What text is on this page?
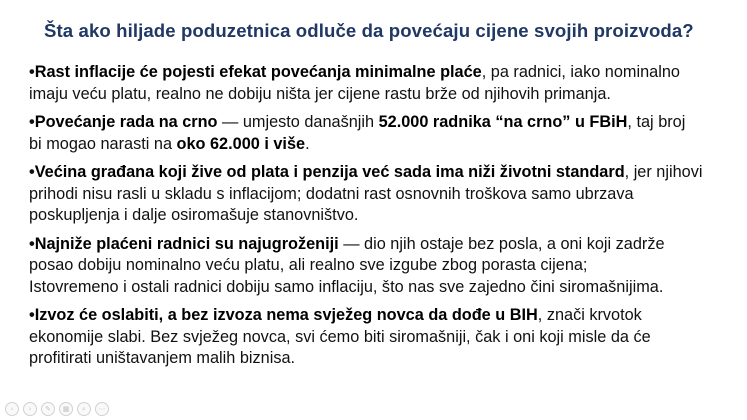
Šta ako hiljade poduzetnica odluče da povećaju cijene svojih proizvoda?
•Rast inflacije će pojesti efekat povećanja minimalne plaće, pa radnici, iako nominalno
imaju veću platu, realno ne dobiju ništa jer cijene rastu brže od njihovih primanja.
•Povećanje rada na crno — umjesto današnjih 52.000 radnika “na crno” u FBiH, taj broj
bi mogao narasti na oko 62.000 i više.
•Većina građana koji žive od plata i penzija već sada ima niži životni standard, jer njihovi
prihodi nisu rasli u skladu s inflacijom; dodatni rast osnovnih troškova samo ubrzava
poskupljenja i dalje osiromašuje stanovništvo.
•Najniže plaćeni radnici su najugroženiji — dio njih ostaje bez posla, a oni koji zadrže
posao dobiju nominalno veću platu, ali realno sve izgube zbog porasta cijena;
Istovremeno i ostali radnici dobiju samo inflaciju, što nas sve zajedno čini siromašnijima.
•Izvoz će oslabiti, a bez izvoza nema svježeg novca da dođe u BIH, znači krvotok
ekonomije slabi. Bez svježeg novca, svi ćemo biti siromašniji, čak i oni koji misle da će
profitirati uništavanjem malih biznisa.
‹	›	✎	▦	⌕	⋯
